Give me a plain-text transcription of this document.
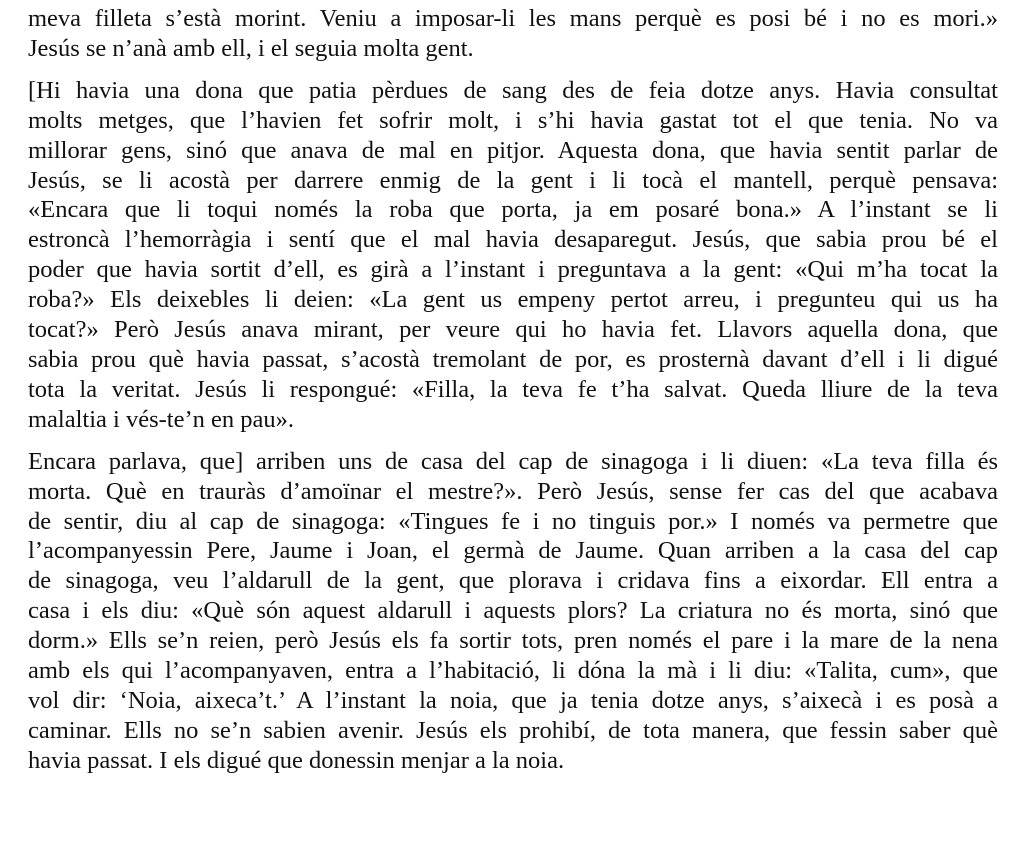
meva filleta s’està morint. Veniu a imposar-li les mans perquè es posi bé i no es mori.»
Jesús se n’anà amb ell, i el seguia molta gent.

[Hi havia una dona que patia pèrdues de sang des de feia dotze anys. Havia consultat
molts metges, que l’havien fet sofrir molt, i s’hi havia gastat tot el que tenia. No va
millorar gens, sinó que anava de mal en pitjor. Aquesta dona, que havia sentit parlar de
Jesús, se li acostà per darrere enmig de la gent i li tocà el mantell, perquè pensava:
«Encara que li toqui només la roba que porta, ja em posaré bona.» A l’instant se li
estroncà l’hemorràgia i sentí que el mal havia desaparegut. Jesús, que sabia prou bé el
poder que havia sortit d’ell, es girà a l’instant i preguntava a la gent: «Qui m’ha tocat la
roba?» Els deixebles li deien: «La gent us empeny pertot arreu, i pregunteu qui us ha
tocat?» Però Jesús anava mirant, per veure qui ho havia fet. Llavors aquella dona, que
sabia prou què havia passat, s’acostà tremolant de por, es prosternà davant d’ell i li digué
tota la veritat. Jesús li respongué: «Filla, la teva fe t’ha salvat. Queda lliure de la teva
malaltia i vés-te’n en pau».

Encara parlava, que] arriben uns de casa del cap de sinagoga i li diuen: «La teva filla és
morta. Què en trauràs d’amoïnar el mestre?». Però Jesús, sense fer cas del que acabava
de sentir, diu al cap de sinagoga: «Tingues fe i no tinguis por.» I només va permetre que
l’acompanyessin Pere, Jaume i Joan, el germà de Jaume. Quan arriben a la casa del cap
de sinagoga, veu l’aldarull de la gent, que plorava i cridava fins a eixordar. Ell entra a
casa i els diu: «Què són aquest aldarull i aquests plors? La criatura no és morta, sinó que
dorm.» Ells se’n reien, però Jesús els fa sortir tots, pren només el pare i la mare de la nena
amb els qui l’acompanyaven, entra a l’habitació, li dóna la mà i li diu: «Talita, cum», que
vol dir: ‘Noia, aixeca’t.’ A l’instant la noia, que ja tenia dotze anys, s’aixecà i es posà a
caminar. Ells no se’n sabien avenir. Jesús els prohibí, de tota manera, que fessin saber què
havia passat. I els digué que donessin menjar a la noia.
